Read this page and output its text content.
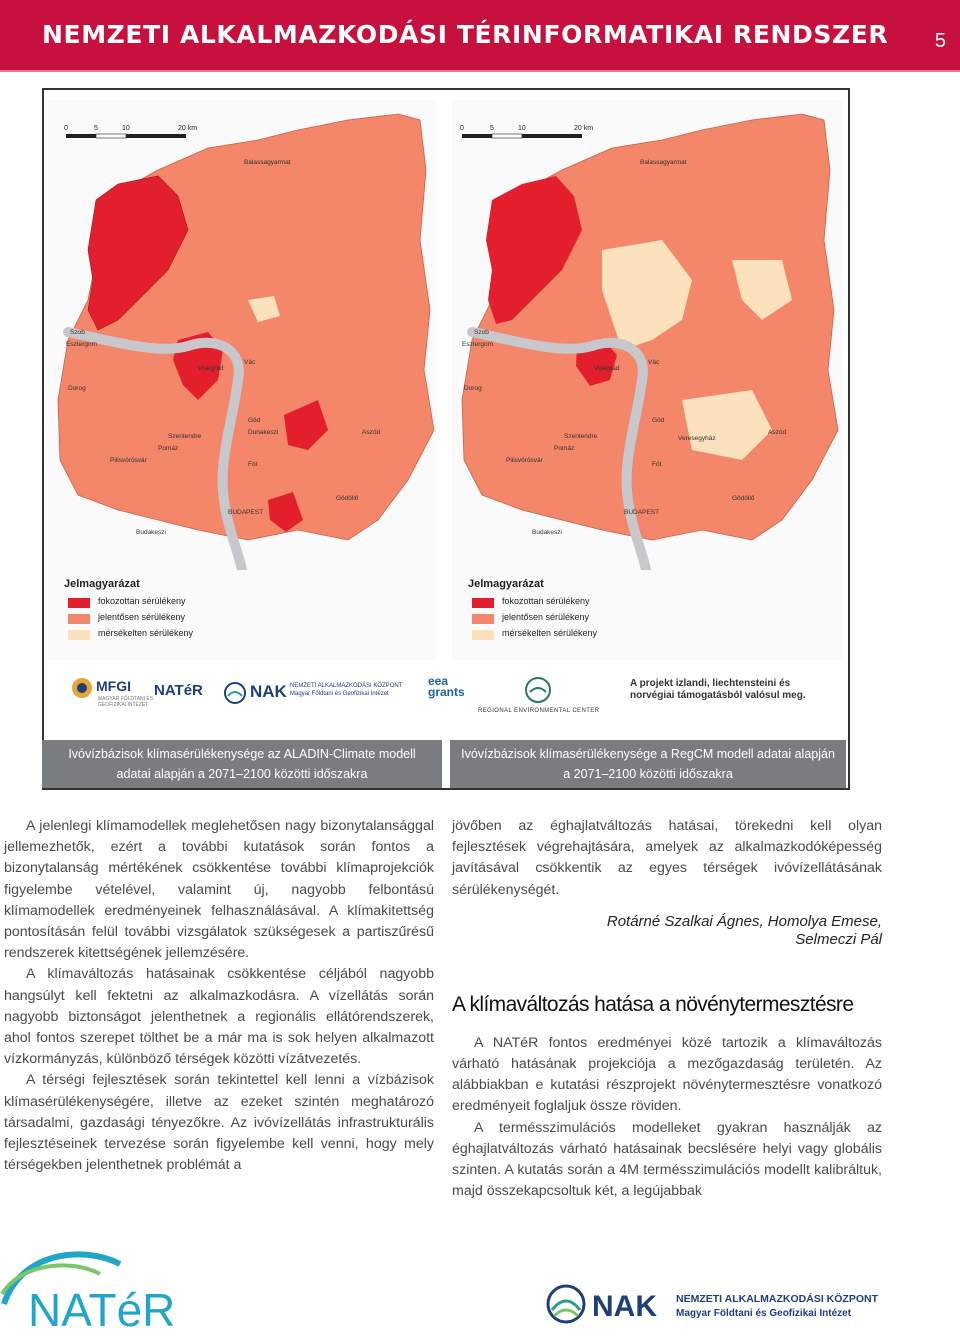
NEMZETI ALKALMAZKODÁSI TÉRINFORMATIKAI RENDSZER 5
0	5	10	20 km
Balassagyarmat
Szob
Esztergom
Dorog
Vác
Visegrád
Göd
Dunakeszi
Szentendre
Pomáz
Pilisvörösvár
Fót
Gödöllő
Aszód
BUDAPEST
Budakeszi
Jelmagyarázat
fokozottan sérülékeny
jelentősen sérülékeny
mérsékelten sérülékeny
0	5	10	20 km
Balassagyarmat
Szob
Esztergom
Dorog
Vác
Visegrád
Göd
Veresegyház
Szentendre
Pomáz
Pilisvörösvár
Fót
Gödöllő
Aszód
BUDAPEST
Budakeszi
Jelmagyarázat
fokozottan sérülékeny
jelentősen sérülékeny
mérsékelten sérülékeny
MFGI
MAGYAR FÖLDTANI ÉS GEOFIZIKAI INTÉZET
NATéR	NAK NEMZETI ALKALMAZKODÁSI KÖZPONT Magyar Földtani és Geofizikai Intézet
eea
grants
REGIONAL ENVIRONMENTAL CENTER
A projekt izlandi, liechtensteini és norvégiai támogatásból valósul meg.
Ivóvízbázisok klímasérülékenysége az ALADIN-Climate modell
adatai alapján a 2071–2100 közötti időszakra
Ivóvízbázisok klímasérülékenysége a RegCM modell adatai alapján
a 2071–2100 közötti időszakra

A jelenlegi klímamodellek meglehetősen nagy bizonytalansággal jellemezhetők, ezért a további kutatások során fontos a bizonytalanság mértékének csökkentése további klímaprojekciók figyelembe vételével, valamint új, nagyobb felbontású klímamodellek eredményeinek felhasználásával. A klímakitettség pontosításán felül további vizsgálatok szükségesek a partiszűrésű rendszerek kitettségének jellemzésére.

A klímaváltozás hatásainak csökkentése céljából nagyobb hangsúlyt kell fektetni az alkalmazkodásra. A vízellátás során nagyobb biztonságot jelenthetnek a regionális ellátórendszerek, ahol fontos szerepet tölthet be a már ma is sok helyen alkalmazott vízkormányzás, különböző térségek közötti vízátvezetés.

A térségi fejlesztések során tekintettel kell lenni a vízbázisok klímasérülékenységére, illetve az ezeket szintén meghatározó társadalmi, gazdasági tényezőkre. Az ivóvízellátás infrastrukturális fejlesztéseinek tervezése során figyelembe kell venni, hogy mely térségekben jelenthetnek problémát a

jövőben az éghajlatváltozás hatásai, törekedni kell olyan fejlesztések végrehajtására, amelyek az alkalmazkodóképesség javításával csökkentik az egyes térségek ivóvízellátásának sérülékenységét.

Rotárné Szalkai Ágnes, Homolya Emese,
Selmeczi Pál

A klímaváltozás hatása a növénytermesztésre

A NATéR fontos eredményei közé tartozik a klímaváltozás várható hatásának projekciója a mezőgazdaság területén. Az alábbiakban e kutatási részprojekt növénytermesztésre vonatkozó eredményeit foglaljuk össze röviden.

A termésszimulációs modelleket gyakran használják az éghajlatváltozás várható hatásainak becslésére helyi vagy globális szinten. A kutatás során a 4M termésszimulációs modellt kalibráltuk, majd összekapcsoltuk két, a legújabbak

NATéR	NAK NEMZETI ALKALMAZKODÁSI KÖZPONT
Magyar Földtani és Geofizikai Intézet
